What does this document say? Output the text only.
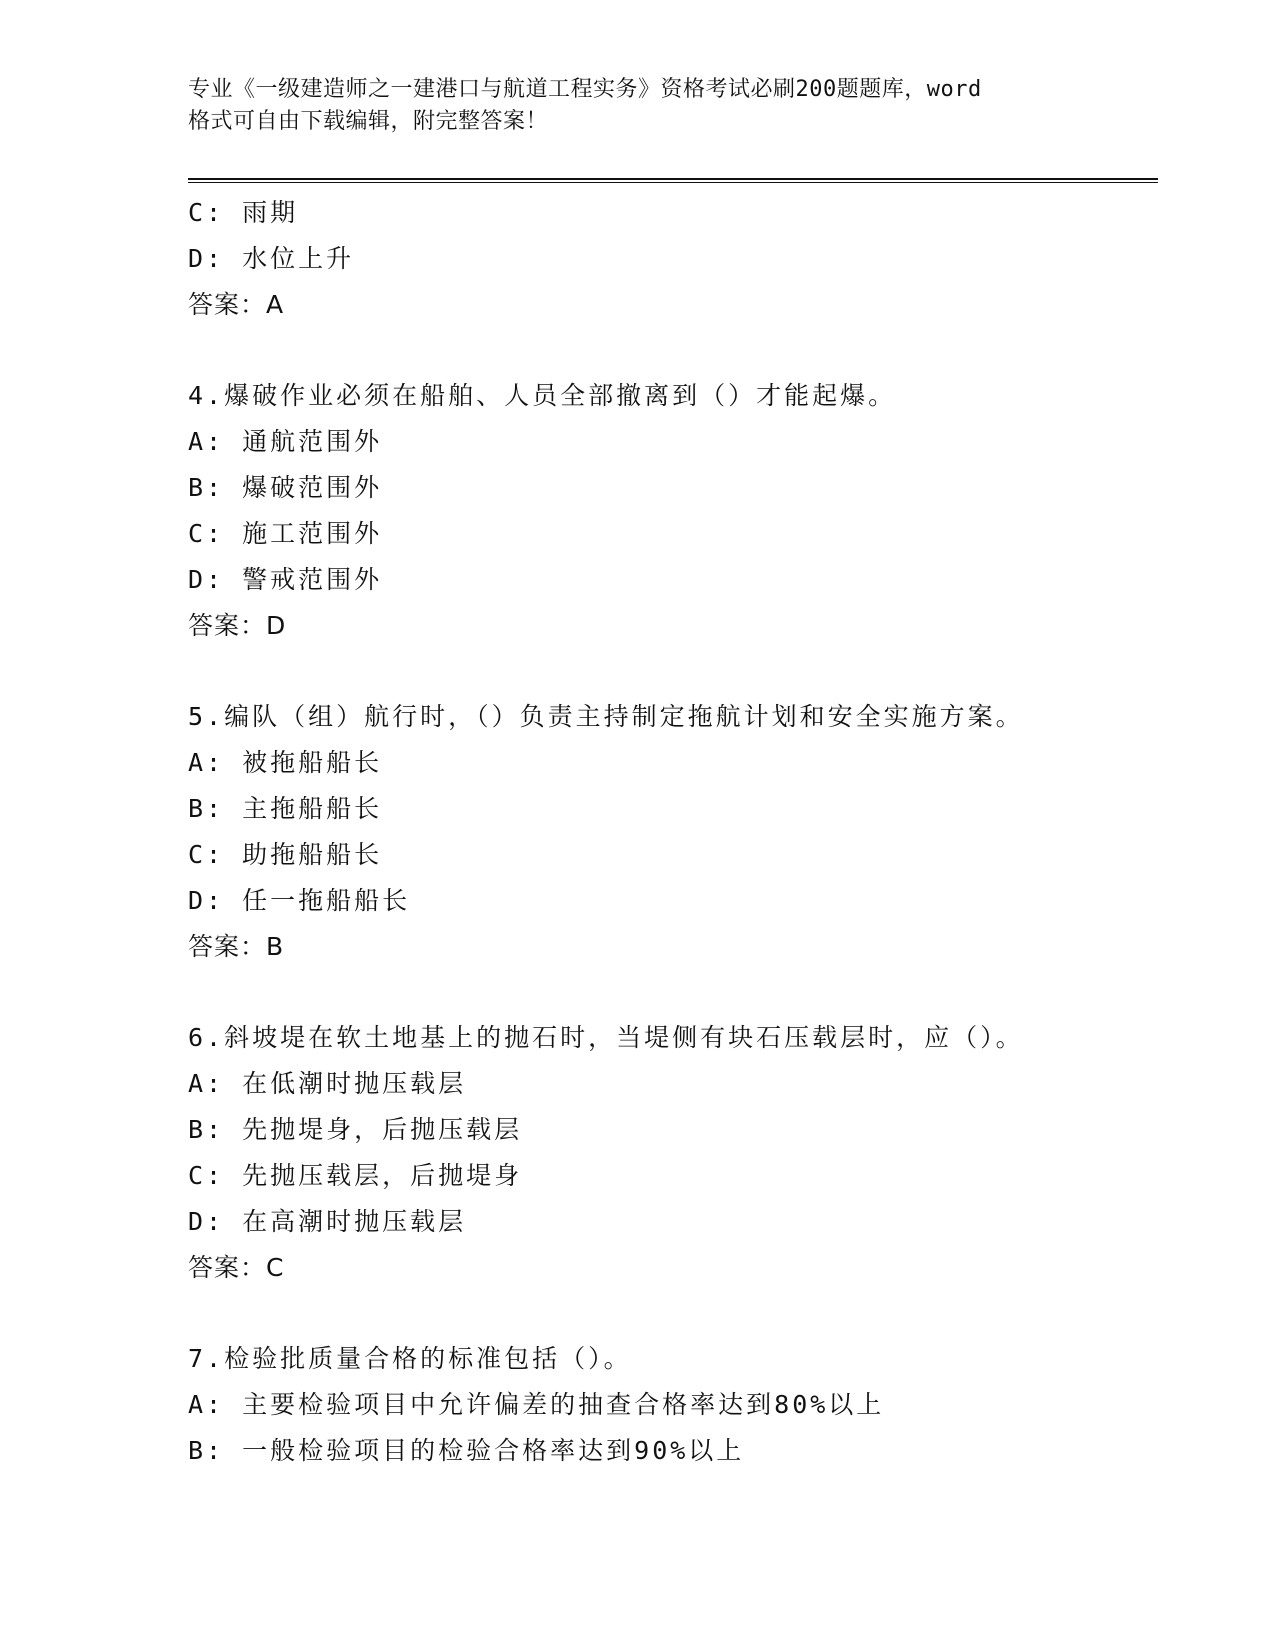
专业《一级建造师之一建港口与航道工程实务》资格考试必刷200题题库，word
格式可自由下载编辑，附完整答案！
C: 雨期
D: 水位上升
答案：A
4.爆破作业必须在船舶、人员全部撤离到（）才能起爆。
A: 通航范围外
B: 爆破范围外
C: 施工范围外
D: 警戒范围外
答案：D
5.编队（组）航行时，（）负责主持制定拖航计划和安全实施方案。
A: 被拖船船长
B: 主拖船船长
C: 助拖船船长
D: 任一拖船船长
答案：B
6.斜坡堤在软土地基上的抛石时，当堤侧有块石压载层时，应（）。
A: 在低潮时抛压载层
B: 先抛堤身，后抛压载层
C: 先抛压载层，后抛堤身
D: 在高潮时抛压载层
答案：C
7.检验批质量合格的标准包括（）。
A: 主要检验项目中允许偏差的抽查合格率达到80%以上
B: 一般检验项目的检验合格率达到90%以上
